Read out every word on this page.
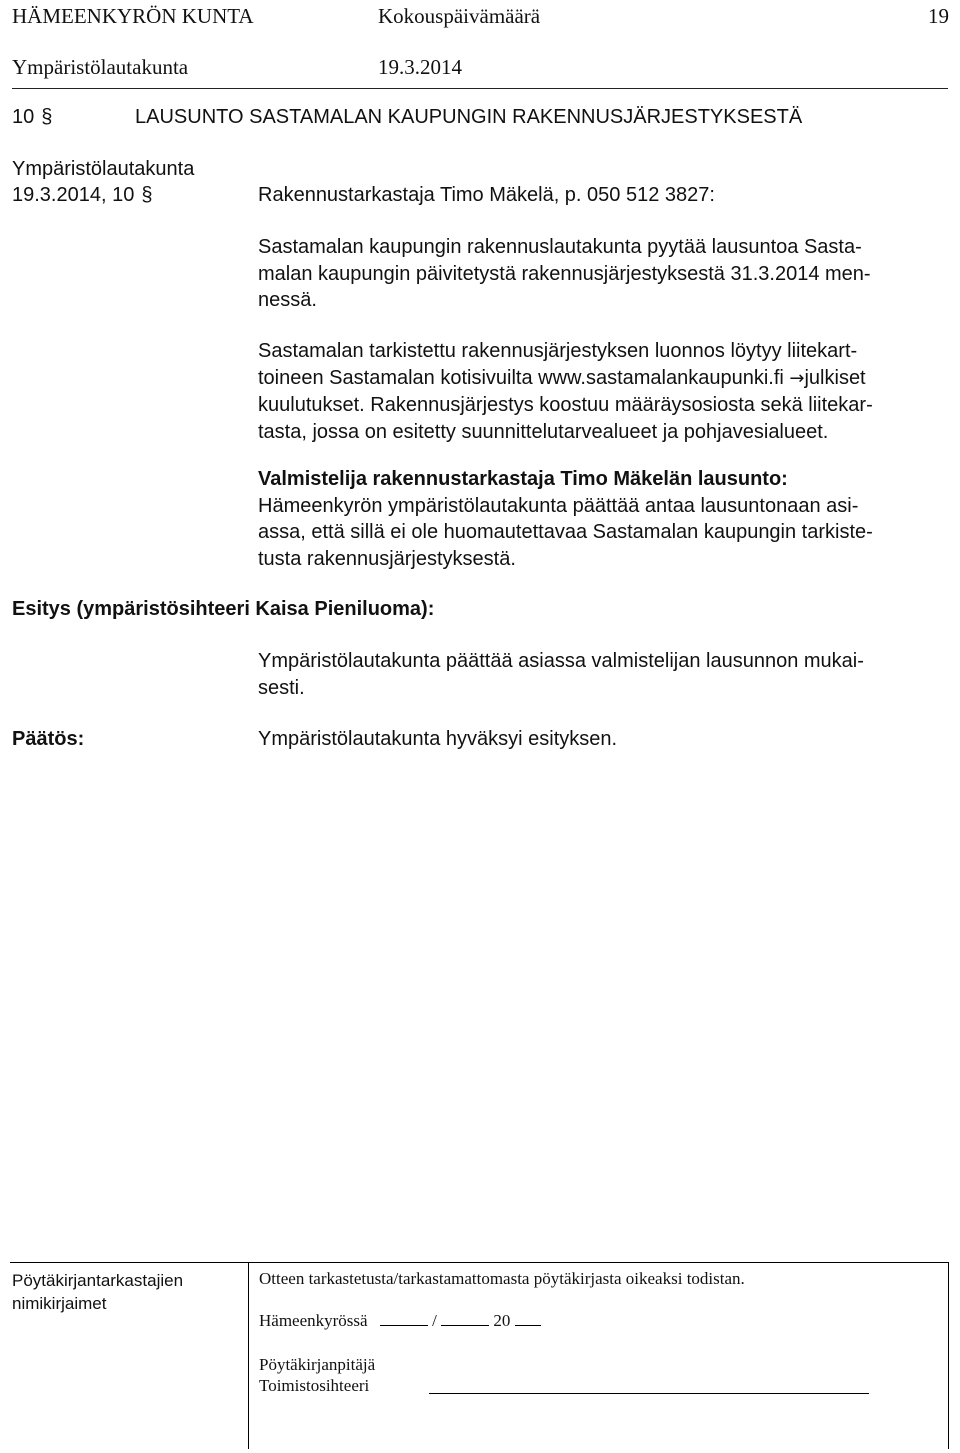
HÄMEENKYRÖN KUNTA	Kokouspäivämäärä	19
Ympäristölautakunta	19.3.2014
10 §	LAUSUNTO SASTAMALAN KAUPUNGIN RAKENNUSJÄRJESTYKSESTÄ
Ympäristölautakunta
19.3.2014, 10 §	Rakennustarkastaja Timo Mäkelä, p. 050 512 3827:

Sastamalan kaupungin rakennuslautakunta pyytää lausuntoa Sasta-

malan kaupungin päivitetystä rakennusjärjestyksestä 31.3.2014 men-

nessä.

Sastamalan tarkistettu rakennusjärjestyksen luonnos löytyy liitekart-

toineen Sastamalan kotisivuilta www.sastamalankaupunki.fi →julkiset

kuulutukset. Rakennusjärjestys koostuu määräysosiosta sekä liitekar-

tasta, jossa on esitetty suunnittelutarvealueet ja pohjavesialueet.

Valmistelija rakennustarkastaja Timo Mäkelän lausunto:

Hämeenkyrön ympäristölautakunta päättää antaa lausuntonaan asi-

assa, että sillä ei ole huomautettavaa Sastamalan kaupungin tarkiste-

tusta rakennusjärjestyksestä.

Esitys (ympäristösihteeri Kaisa Pieniluoma):

Ympäristölautakunta päättää asiassa valmistelijan lausunnon mukai-

sesti.

Päätös:	Ympäristölautakunta hyväksyi esityksen.
Pöytäkirjantarkastajien
nimikirjaimet
Otteen tarkastetusta/tarkastamattomasta pöytäkirjasta oikeaksi todistan.
Hämeenkyrössä	/	20
Pöytäkirjanpitäjä
Toimistosihteeri
